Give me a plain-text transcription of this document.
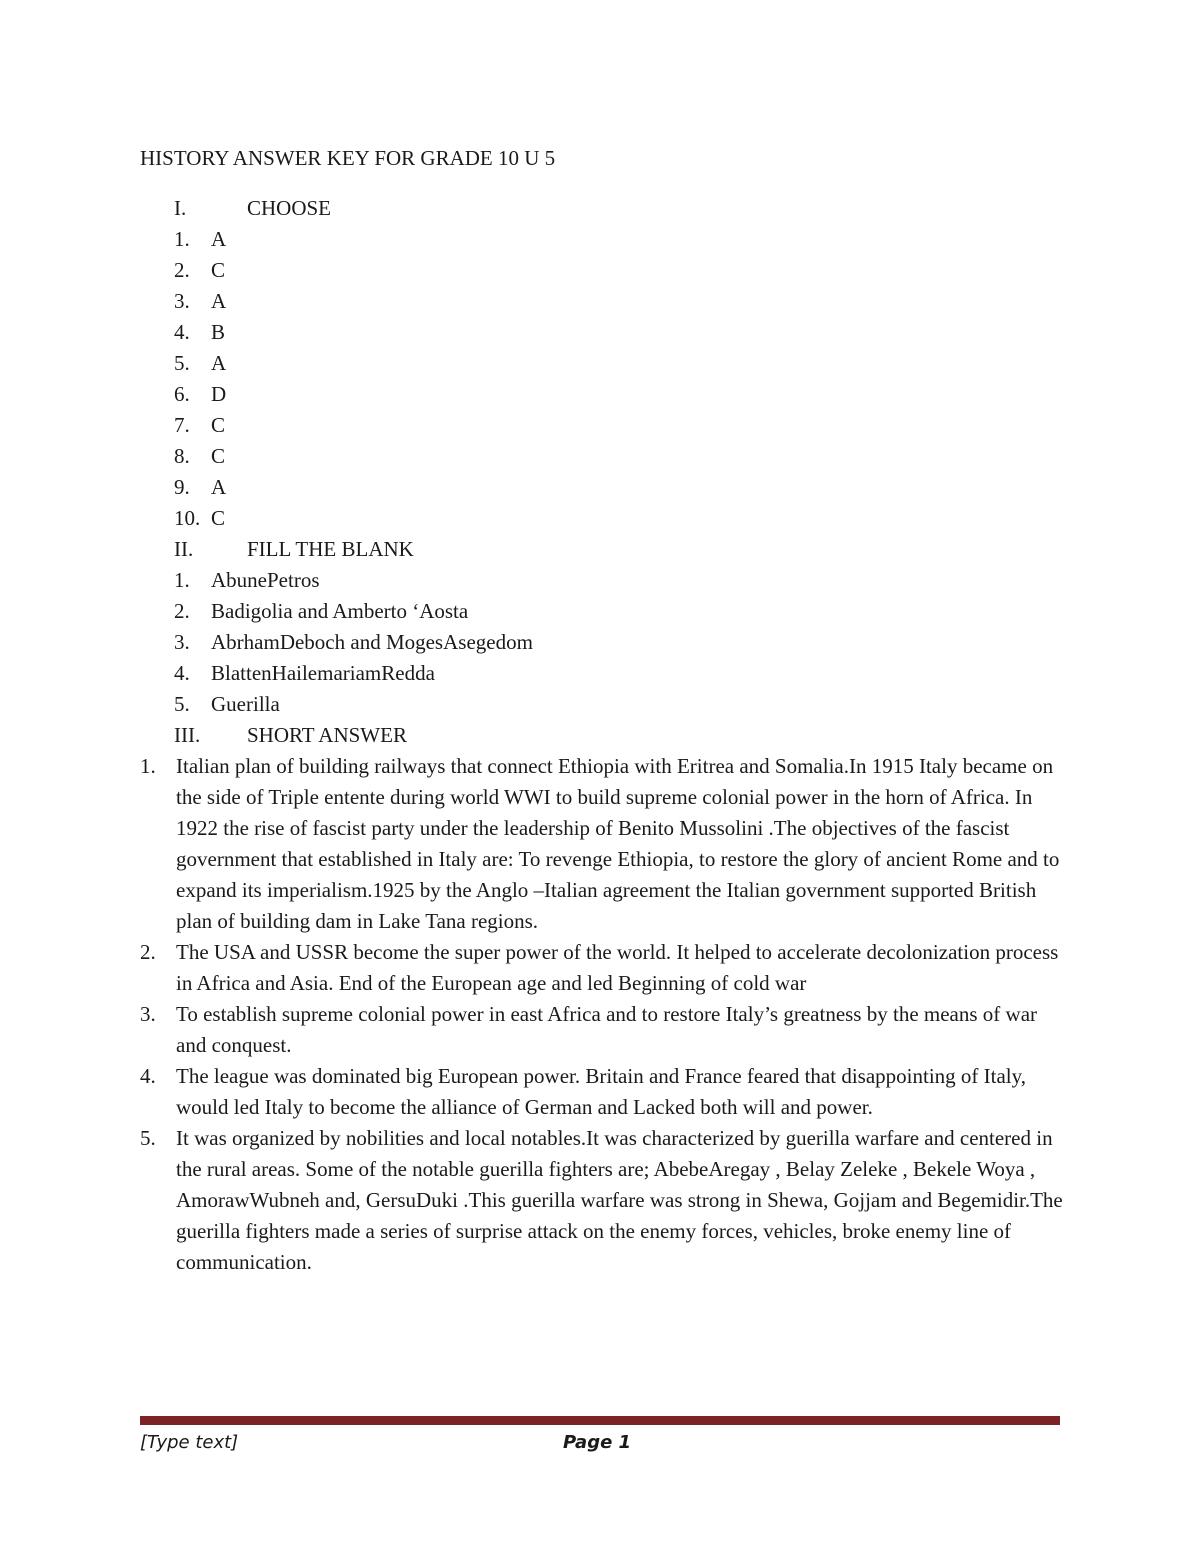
HISTORY ANSWER KEY FOR GRADE 10 U 5
I.	CHOOSE
1. A
2. C
3. A
4. B
5. A
6. D
7. C
8. C
9. A
10. C
II.	FILL THE BLANK
1. AbunePetros
2. Badigolia and Amberto ‘Aosta
3. AbrhamDeboch and MogesAsegedom
4. BlattenHailemariamRedda
5. Guerilla
III. SHORT ANSWER
1. Italian plan of building railways that connect Ethiopia with Eritrea and Somalia.In 1915 Italy became on the side of Triple entente during world WWI to build supreme colonial power in the horn of Africa. In 1922 the rise of fascist party under the leadership of Benito Mussolini .The objectives of the fascist government that established in Italy are: To revenge Ethiopia, to restore the glory of ancient Rome and to expand its imperialism.1925 by the Anglo –Italian agreement the Italian government supported British plan of building dam in Lake Tana regions.
2. The USA and USSR become the super power of the world. It helped to accelerate decolonization process in Africa and Asia. End of the European age and led Beginning of cold war
3. To establish supreme colonial power in east Africa and to restore Italy’s greatness by the means of war and conquest.
4. The league was dominated big European power. Britain and France feared that disappointing of Italy, would led Italy to become the alliance of German and Lacked both will and power.
5. It was organized by nobilities and local notables.It was characterized by guerilla warfare and centered in the rural areas. Some of the notable guerilla fighters are; AbebeAregay , Belay Zeleke , Bekele Woya , AmorawWubneh and, GersuDuki .This guerilla warfare was strong in Shewa, Gojjam and Begemidir.The guerilla fighters made a series of surprise attack on the enemy forces, vehicles, broke enemy line of communication.
[Type text]	Page 1
